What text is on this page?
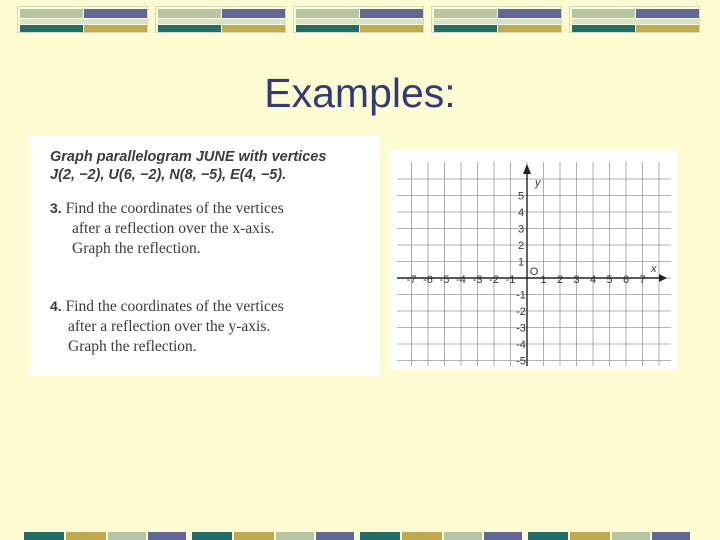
Examples:
Graph parallelogram JUNE with vertices
J(2, −2), U(6, −2), N(8, −5), E(4, −5).
3. Find the coordinates of the vertices
after a reflection over the x-axis.
Graph the reflection.
4. Find the coordinates of the vertices
after a reflection over the y-axis.
Graph the reflection.
-7 -6 -5 -4 -3 -2 -1 1 2 3 4 5 6 7
1
2
3
4
5
-1
-2
-3
-4
-5
O	x
y
